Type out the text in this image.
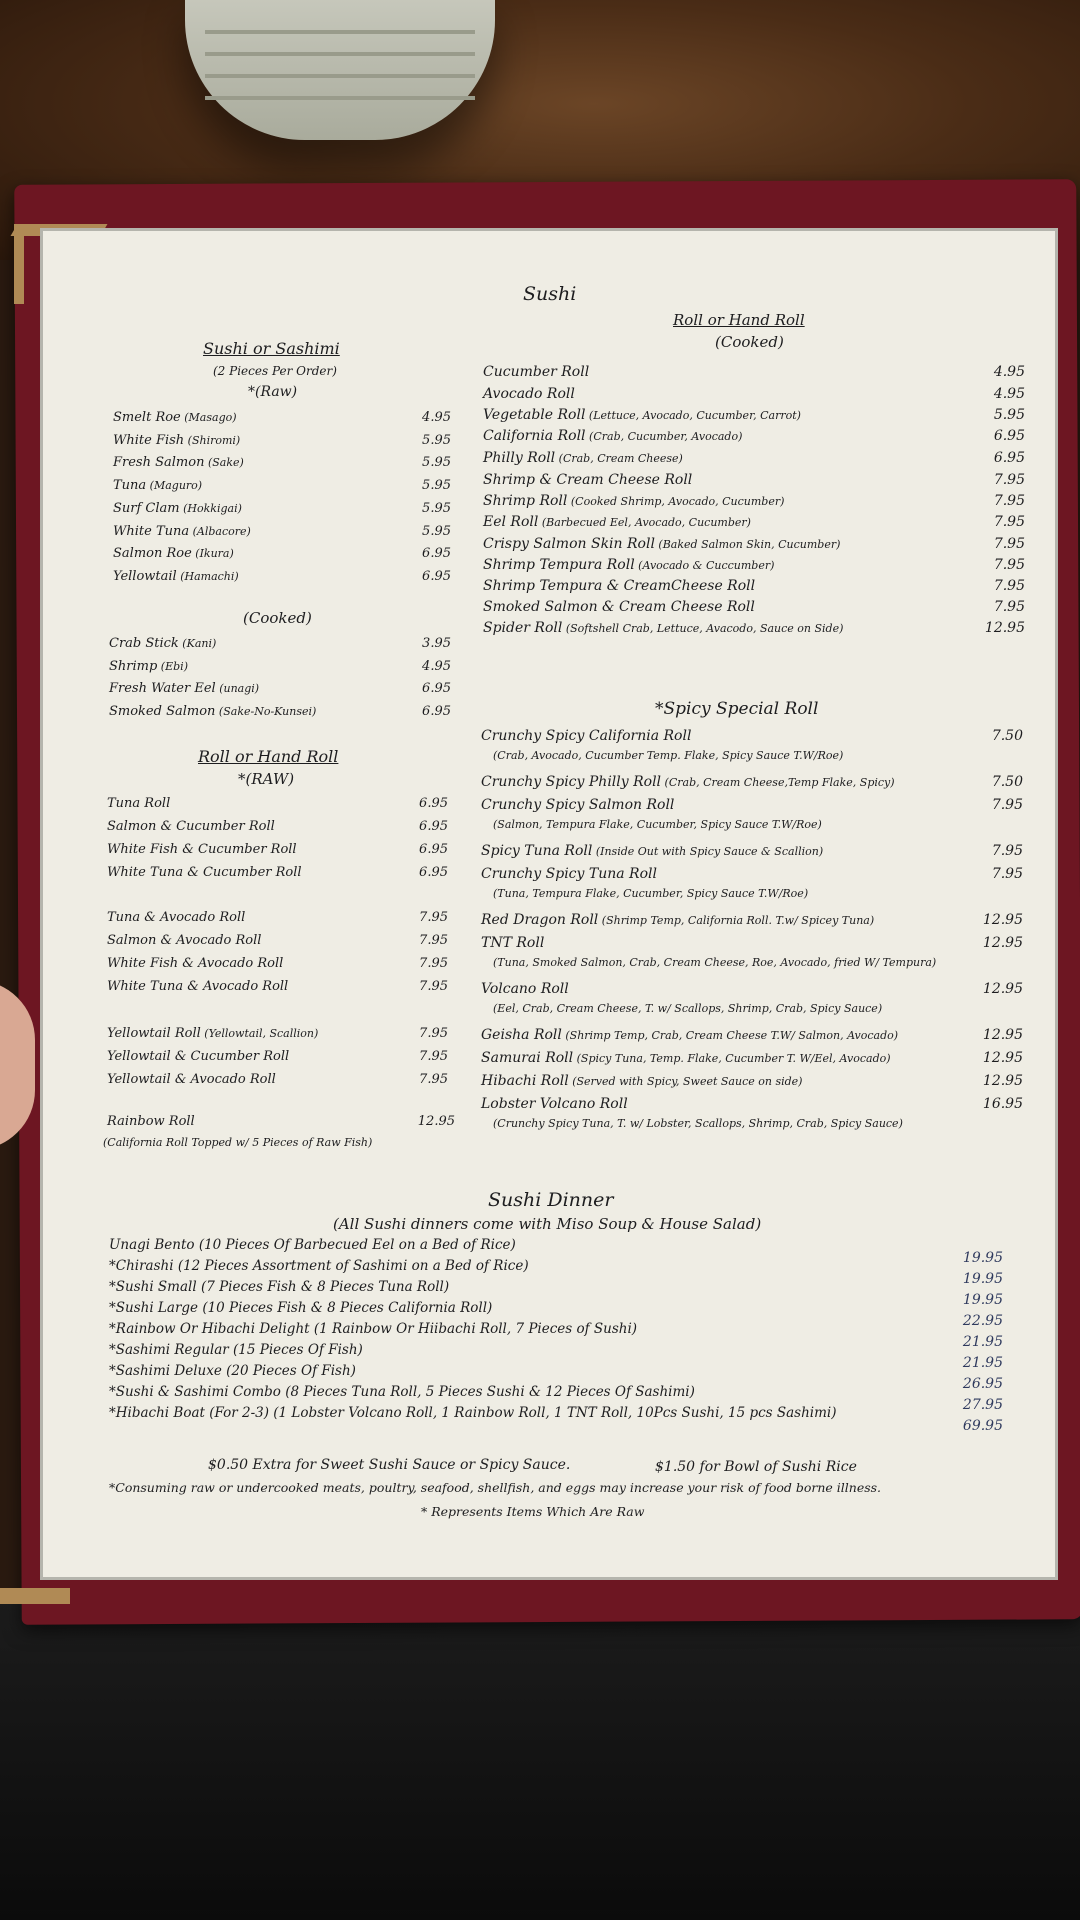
Sushi
Sushi or Sashimi
(2 Pieces Per Order)
*(Raw)
Smelt Roe (Masago)	4.95
White Fish (Shiromi)	5.95
Fresh Salmon (Sake)	5.95
Tuna (Maguro)	5.95
Surf Clam (Hokkigai)	5.95
White Tuna (Albacore)	5.95
Salmon Roe (Ikura)	6.95
Yellowtail (Hamachi)	6.95
(Cooked)
Crab Stick (Kani)	3.95
Shrimp (Ebi)	4.95
Fresh Water Eel (unagi)	6.95
Smoked Salmon (Sake-No-Kunsei)	6.95
Roll or Hand Roll
*(RAW)
Tuna Roll	6.95
Salmon & Cucumber Roll	6.95
White Fish & Cucumber Roll	6.95
White Tuna & Cucumber Roll	6.95
Tuna & Avocado Roll	7.95
Salmon & Avocado Roll	7.95
White Fish & Avocado Roll	7.95
White Tuna & Avocado Roll	7.95
Yellowtail Roll (Yellowtail, Scallion)	7.95
Yellowtail & Cucumber Roll	7.95
Yellowtail & Avocado Roll	7.95
Rainbow Roll	12.95
(California Roll Topped w/ 5 Pieces of Raw Fish)
Roll or Hand Roll
(Cooked)
Cucumber Roll	4.95
Avocado Roll	4.95
Vegetable Roll (Lettuce, Avocado, Cucumber, Carrot)	5.95
California Roll (Crab, Cucumber, Avocado)	6.95
Philly Roll (Crab, Cream Cheese)	6.95
Shrimp & Cream Cheese Roll	7.95
Shrimp Roll (Cooked Shrimp, Avocado, Cucumber)	7.95
Eel Roll (Barbecued Eel, Avocado, Cucumber)	7.95
Crispy Salmon Skin Roll (Baked Salmon Skin, Cucumber)	7.95
Shrimp Tempura Roll (Avocado & Cuccumber)	7.95
Shrimp Tempura & CreamCheese Roll	7.95
Smoked Salmon & Cream Cheese Roll	7.95
Spider Roll (Softshell Crab, Lettuce, Avacodo, Sauce on Side)	12.95
*Spicy Special Roll
Crunchy Spicy California Roll	7.50
(Crab, Avocado, Cucumber Temp. Flake, Spicy Sauce T.W/Roe)
Crunchy Spicy Philly Roll (Crab, Cream Cheese,Temp Flake, Spicy)	7.50
Crunchy Spicy Salmon Roll	7.95
(Salmon, Tempura Flake, Cucumber, Spicy Sauce T.W/Roe)
Spicy Tuna Roll (Inside Out with Spicy Sauce & Scallion)	7.95
Crunchy Spicy Tuna Roll	7.95
(Tuna, Tempura Flake, Cucumber, Spicy Sauce T.W/Roe)
Red Dragon Roll (Shrimp Temp, California Roll. T.w/ Spicey Tuna)	12.95
TNT Roll	12.95
(Tuna, Smoked Salmon, Crab, Cream Cheese, Roe, Avocado, fried W/ Tempura)
Volcano Roll	12.95
(Eel, Crab, Cream Cheese, T. w/ Scallops, Shrimp, Crab, Spicy Sauce)
Geisha Roll (Shrimp Temp, Crab, Cream Cheese T.W/ Salmon, Avocado)	12.95
Samurai Roll (Spicy Tuna, Temp. Flake, Cucumber T. W/Eel, Avocado)	12.95
Hibachi Roll (Served with Spicy, Sweet Sauce on side)	12.95
Lobster Volcano Roll	16.95
(Crunchy Spicy Tuna, T. w/ Lobster, Scallops, Shrimp, Crab, Spicy Sauce)
Sushi Dinner
(All Sushi dinners come with Miso Soup & House Salad)
Unagi Bento (10 Pieces Of Barbecued Eel on a Bed of Rice)
19.95
*Chirashi (12 Pieces Assortment of Sashimi on a Bed of Rice)
19.95
*Sushi Small (7 Pieces Fish & 8 Pieces Tuna Roll)
19.95
*Sushi Large (10 Pieces Fish & 8 Pieces California Roll)
22.95
*Rainbow Or Hibachi Delight (1 Rainbow Or Hiibachi Roll, 7 Pieces of Sushi)
21.95
*Sashimi Regular (15 Pieces Of Fish)
21.95
*Sashimi Deluxe (20 Pieces Of Fish)
26.95
*Sushi & Sashimi Combo (8 Pieces Tuna Roll, 5 Pieces Sushi & 12 Pieces Of Sashimi)
27.95
*Hibachi Boat (For 2-3) (1 Lobster Volcano Roll, 1 Rainbow Roll, 1 TNT Roll, 10Pcs Sushi, 15 pcs Sashimi)
69.95
$0.50 Extra for Sweet Sushi Sauce or Spicy Sauce.	$1.50 for Bowl of Sushi Rice
*Consuming raw or undercooked meats, poultry, seafood, shellfish, and eggs may increase your risk of food borne illness.
* Represents Items Which Are Raw
